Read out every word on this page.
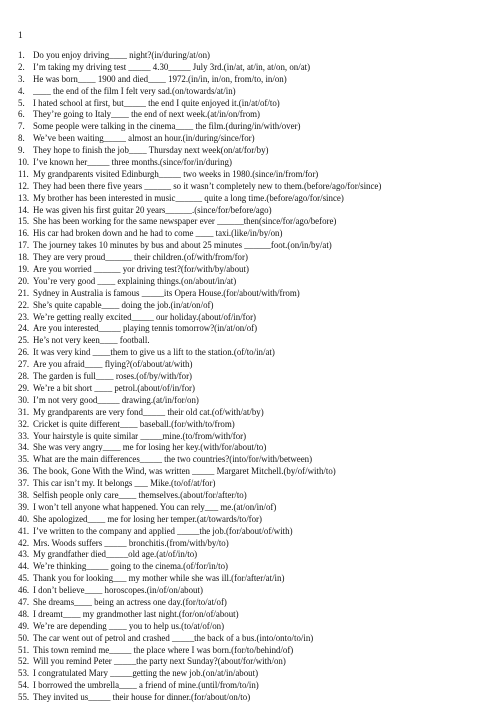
1
1. Do you enjoy driving____ night?(in/during/at/on)
2. I’m taking my driving test _____ 4.30_____ July 3rd.(in/at, at/in, at/on, on/at)
3. He was born____ 1900 and died____ 1972.(in/in, in/on, from/to, in/on)
4. ____ the end of the film I felt very sad.(on/towards/at/in)
5. I hated school at first, but_____ the end I quite enjoyed it.(in/at/of/to)
6. They’re going to Italy____ the end of next week.(at/in/on/from)
7. Some people were talking in the cinema____ the film.(during/in/with/over)
8. We’ve been waiting_____ almost an hour.(in/during/since/for)
9. They hope to finish the job____ Thursday next week(on/at/for/by)
10. I’ve known her_____ three months.(since/for/in/during)
11. My grandparents visited Edinburgh_____ two weeks in 1980.(since/in/from/for)
12. They had been there five years ______ so it wasn’t completely new to them.(before/ago/for/since)
13. My brother has been interested in music______ quite a long time.(before/ago/for/since)
14. He was given his first guitar 20 years______.(since/for/before/ago)
15. She has been working for the same newspaper ever ______then(since/for/ago/before)
16. His car had broken down and he had to come ____ taxi.(like/in/by/on)
17. The journey takes 10 minutes by bus and about 25 minutes ______foot.(on/in/by/at)
18. They are very proud______ their children.(of/with/from/for)
19. Are you worried ______ yor driving test?(for/with/by/about)
20. You’re very good ____ explaining things.(on/about/in/at)
21. Sydney in Australia is famous _____its Opera House.(for/about/with/from)
22. She’s quite capable____ doing the job.(in/at/on/of)
23. We’re getting really excited_____ our holiday.(about/of/in/for)
24. Are you interested_____ playing tennis tomorrow?(in/at/on/of)
25. He’s not very keen____ football.
26. It was very kind ____them to give us a lift to the station.(of/to/in/at)
27. Are you afraid____ flying?(of/about/at/with)
28. The garden is full____ roses.(of/by/with/for)
29. We’re a bit short ____ petrol.(about/of/in/for)
30. I’m not very good_____ drawing.(at/in/for/on)
31. My grandparents are very fond_____ their old cat.(of/with/at/by)
32. Cricket is quite different____ baseball.(for/with/to/from)
33. Your hairstyle is quite similar _____mine.(to/from/with/for)
34. She was very angry____ me for losing her key.(with/for/about/to)
35. What are the main differences_____ the two countries?(into/for/with/between)
36. The book, Gone With the Wind, was written _____ Margaret Mitchell.(by/of/with/to)
37. This car isn’t my. It belongs ___ Mike.(to/of/at/for)
38. Selfish people only care____ themselves.(about/for/after/to)
39. I won’t tell anyone what happened. You can rely___ me.(at/on/in/of)
40. She apologized____ me for losing her temper.(at/towards/to/for)
41. I’ve written to the company and applied _____the job.(for/about/of/with)
42. Mrs. Woods suffers _____ bronchitis.(from/with/by/to)
43. My grandfather died_____old age.(at/of/in/to)
44. We’re thinking_____ going to the cinema.(of/for/in/to)
45. Thank you for looking___ my mother while she was ill.(for/after/at/in)
46. I don’t believe____ horoscopes.(in/of/on/about)
47. She dreams____ being an actress one day.(for/to/at/of)
48. I dreamt____ my grandmother last night.(for/on/of/about)
49. We’re are depending ____ you to help us.(to/at/of/on)
50. The car went out of petrol and crashed _____the back of a bus.(into/onto/to/in)
51. This town remind me_____ the place where I was born.(for/to/behind/of)
52. Will you remind Peter _____the party next Sunday?(about/for/with/on)
53. I congratulated Mary _____getting the new job.(on/at/in/about)
54. I borrowed the umbrella____ a friend of mine.(until/from/to/in)
55. They invited us_____ their house for dinner.(for/about/on/to)
